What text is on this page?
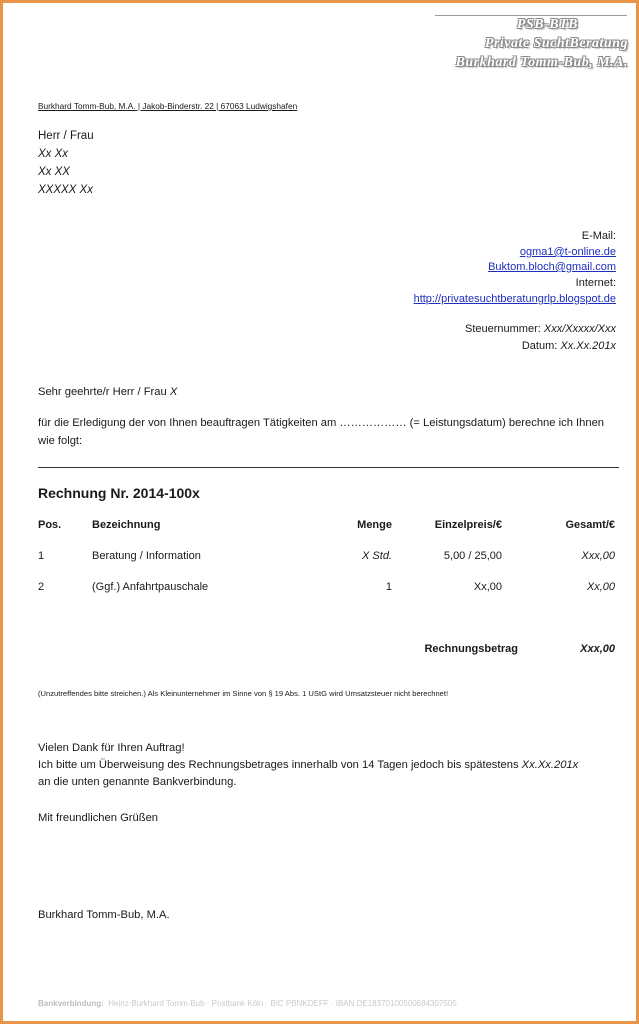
PSB-BTB
Private SuchtBeratung
Burkhard Tomm-Bub, M.A.
Burkhard Tomm-Bub, M.A. | Jakob-Binderstr. 22 | 67063 Ludwigshafen
Herr / Frau
Xx Xx
Xx XX
XXXXX Xx
E-Mail:
ogma1@t-online.de
Buktom.bloch@gmail.com
Internet:
http://privatesuchtberatungrlp.blogspot.de
Steuernummer: Xxx/Xxxxx/Xxx
Datum: Xx.Xx.201x
Sehr geehrte/r Herr / Frau X
für die Erledigung der von Ihnen beauftragen Tätigkeiten am ……………… (= Leistungsdatum) berechne ich Ihnen
wie folgt:
Rechnung Nr. 2014-100x
Pos.	Bezeichnung	Menge	Einzelpreis/€	Gesamt/€
1	Beratung / Information	X Std.	5,00 / 25,00	Xxx,00
2	(Ggf.) Anfahrtpauschale	1	Xx,00	Xx,00
Rechnungsbetrag	Xxx,00
(Unzutreffendes bitte streichen.) Als Kleinunternehmer im Sinne von § 19 Abs. 1 UStG wird Umsatzsteuer nicht berechnet!
Vielen Dank für Ihren Auftrag!
Ich bitte um Überweisung des Rechnungsbetrages innerhalb von 14 Tagen jedoch bis spätestens Xx.Xx.201x
an die unten genannte Bankverbindung.
Mit freundlichen Grüßen
Burkhard Tomm-Bub, M.A.
Bankverbindung: Heinz-Burkhard Tomm-Bub · Postbank Köln · BIC PBNKDEFF · IBAN DE18370100500684307505
